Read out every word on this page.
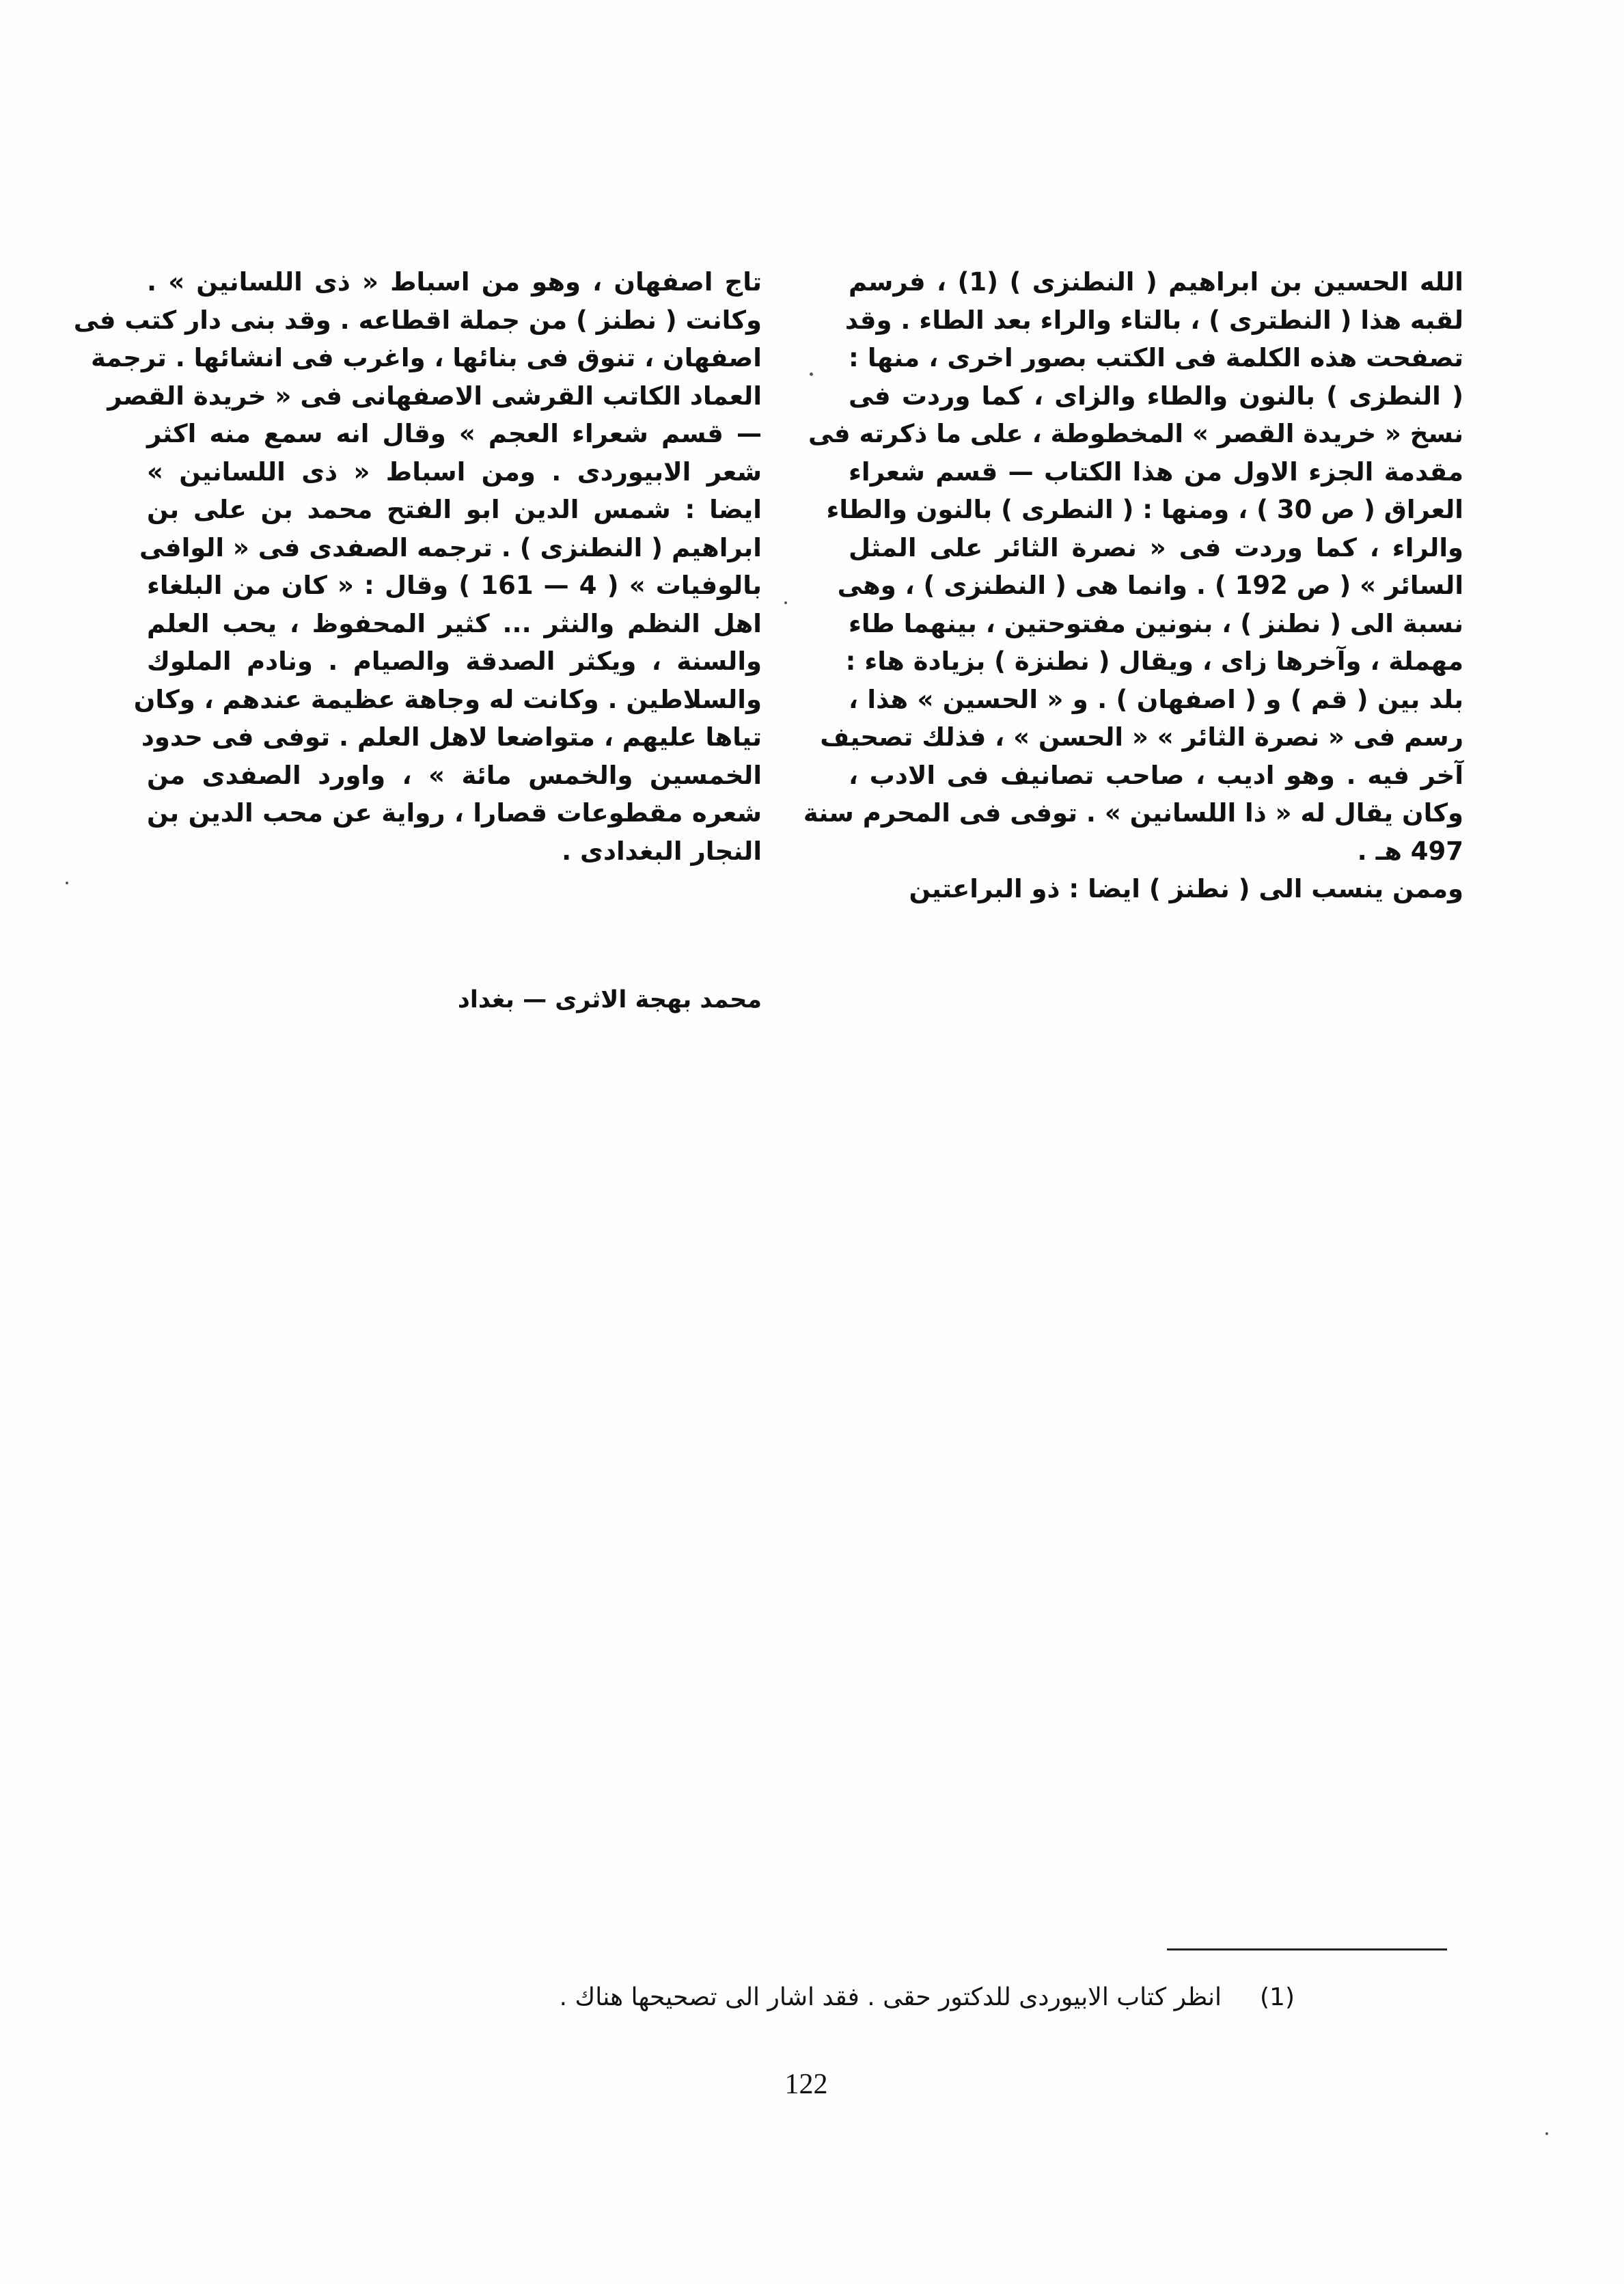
الله الحسين بن ابراهيم ( النطنزى ) (1) ، فرسم
لقبه هذا ( النطترى ) ، بالتاء والراء بعد الطاء . وقد
تصفحت هذه الكلمة فى الكتب بصور اخرى ، منها :
( النطزى ) بالنون والطاء والزاى ، كما وردت فى
نسخ « خريدة القصر » المخطوطة ، على ما ذكرته فى
مقدمة الجزء الاول من هذا الكتاب — قسم شعراء
العراق ( ص 30 ) ، ومنها : ( النطرى ) بالنون والطاء
والراء ، كما وردت فى « نصرة الثائر على المثل
السائر » ( ص 192 ) . وانما هى ( النطنزى ) ، وهى
نسبة الى ( نطنز ) ، بنونين مفتوحتين ، بينهما طاء
مهملة ، وآخرها زاى ، ويقال ( نطنزة ) بزيادة هاء :
بلد بين ( قم ) و ( اصفهان ) . و « الحسين » هذا ،
رسم فى « نصرة الثائر » « الحسن » ، فذلك تصحيف
آخر فيه . وهو اديب ، صاحب تصانيف فى الادب ،
وكان يقال له « ذا اللسانين » . توفى فى المحرم سنة
497 هـ .
وممن ينسب الى ( نطنز ) ايضا : ذو البراعتين
تاج اصفهان ، وهو من اسباط « ذى اللسانين » .
وكانت ( نطنز ) من جملة اقطاعه . وقد بنى دار كتب فى
اصفهان ، تنوق فى بنائها ، واغرب فى انشائها . ترجمة
العماد الكاتب القرشى الاصفهانى فى « خريدة القصر
— قسم شعراء العجم » وقال انه سمع منه اكثر
شعر الابيوردى . ومن اسباط « ذى اللسانين »
ايضا : شمس الدين ابو الفتح محمد بن على بن
ابراهيم ( النطنزى ) . ترجمه الصفدى فى « الوافى
بالوفيات » ( 4 — 161 ) وقال : « كان من البلغاء
اهل النظم والنثر ... كثير المحفوظ ، يحب العلم
والسنة ، ويكثر الصدقة والصيام . ونادم الملوك
والسلاطين . وكانت له وجاهة عظيمة عندهم ، وكان
تياها عليهم ، متواضعا لاهل العلم . توفى فى حدود
الخمسين والخمس مائة » ، واورد الصفدى من
شعره مقطوعات قصارا ، رواية عن محب الدين بن
النجار البغدادى .
محمد بهجة الاثرى — بغداد
(1)انظر كتاب الابيوردى للدكتور حقى . فقد اشار الى تصحيحها هناك .
122
